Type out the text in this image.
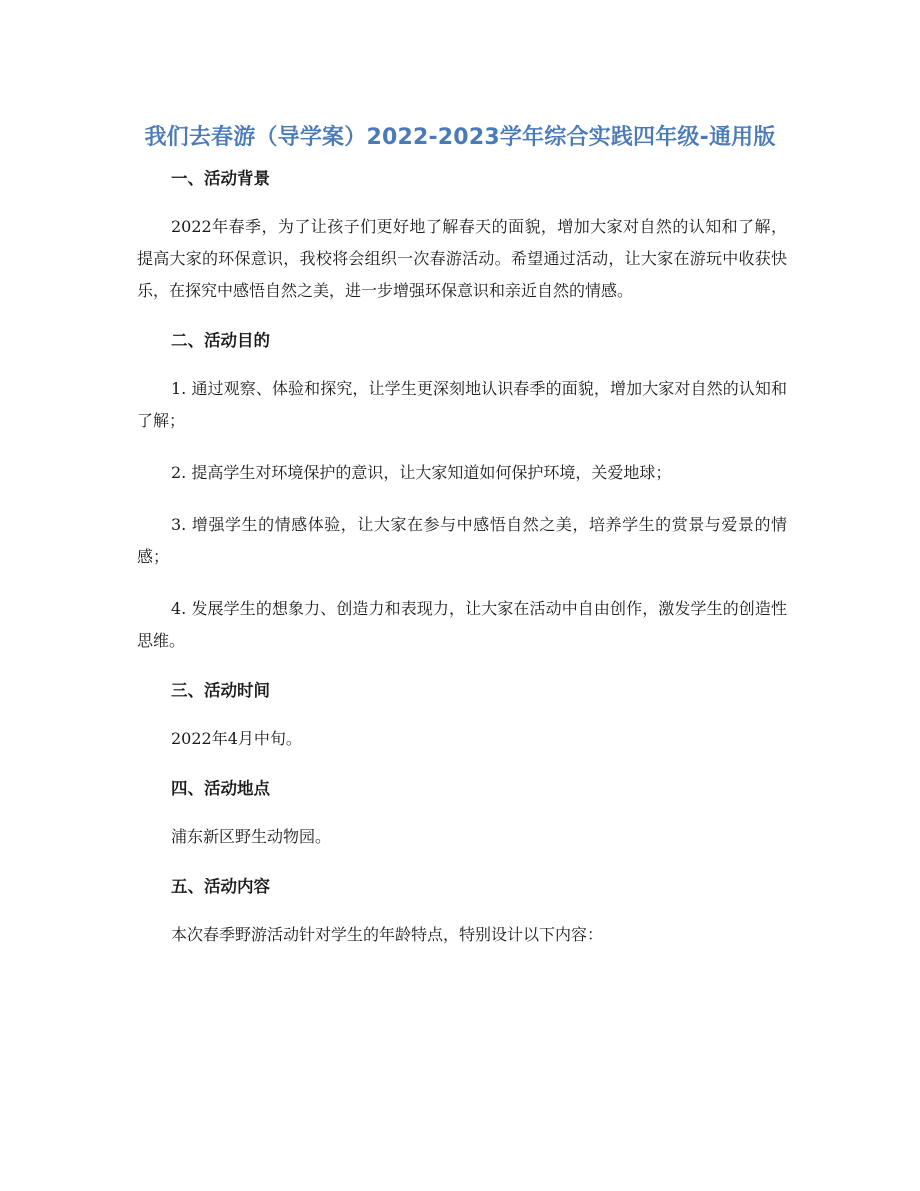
我们去春游（导学案）2022-2023学年综合实践四年级-通用版

一、活动背景

2022年春季，为了让孩子们更好地了解春天的面貌，增加大家对自然的认知和了解，提高大家的环保意识，我校将会组织一次春游活动。希望通过活动，让大家在游玩中收获快乐，在探究中感悟自然之美，进一步增强环保意识和亲近自然的情感。

二、活动目的

1. 通过观察、体验和探究，让学生更深刻地认识春季的面貌，增加大家对自然的认知和了解；

2. 提高学生对环境保护的意识，让大家知道如何保护环境，关爱地球；

3. 增强学生的情感体验，让大家在参与中感悟自然之美，培养学生的赏景与爱景的情感；

4. 发展学生的想象力、创造力和表现力，让大家在活动中自由创作，激发学生的创造性思维。

三、活动时间

2022年4月中旬。

四、活动地点

浦东新区野生动物园。

五、活动内容

本次春季野游活动针对学生的年龄特点，特别设计以下内容：
